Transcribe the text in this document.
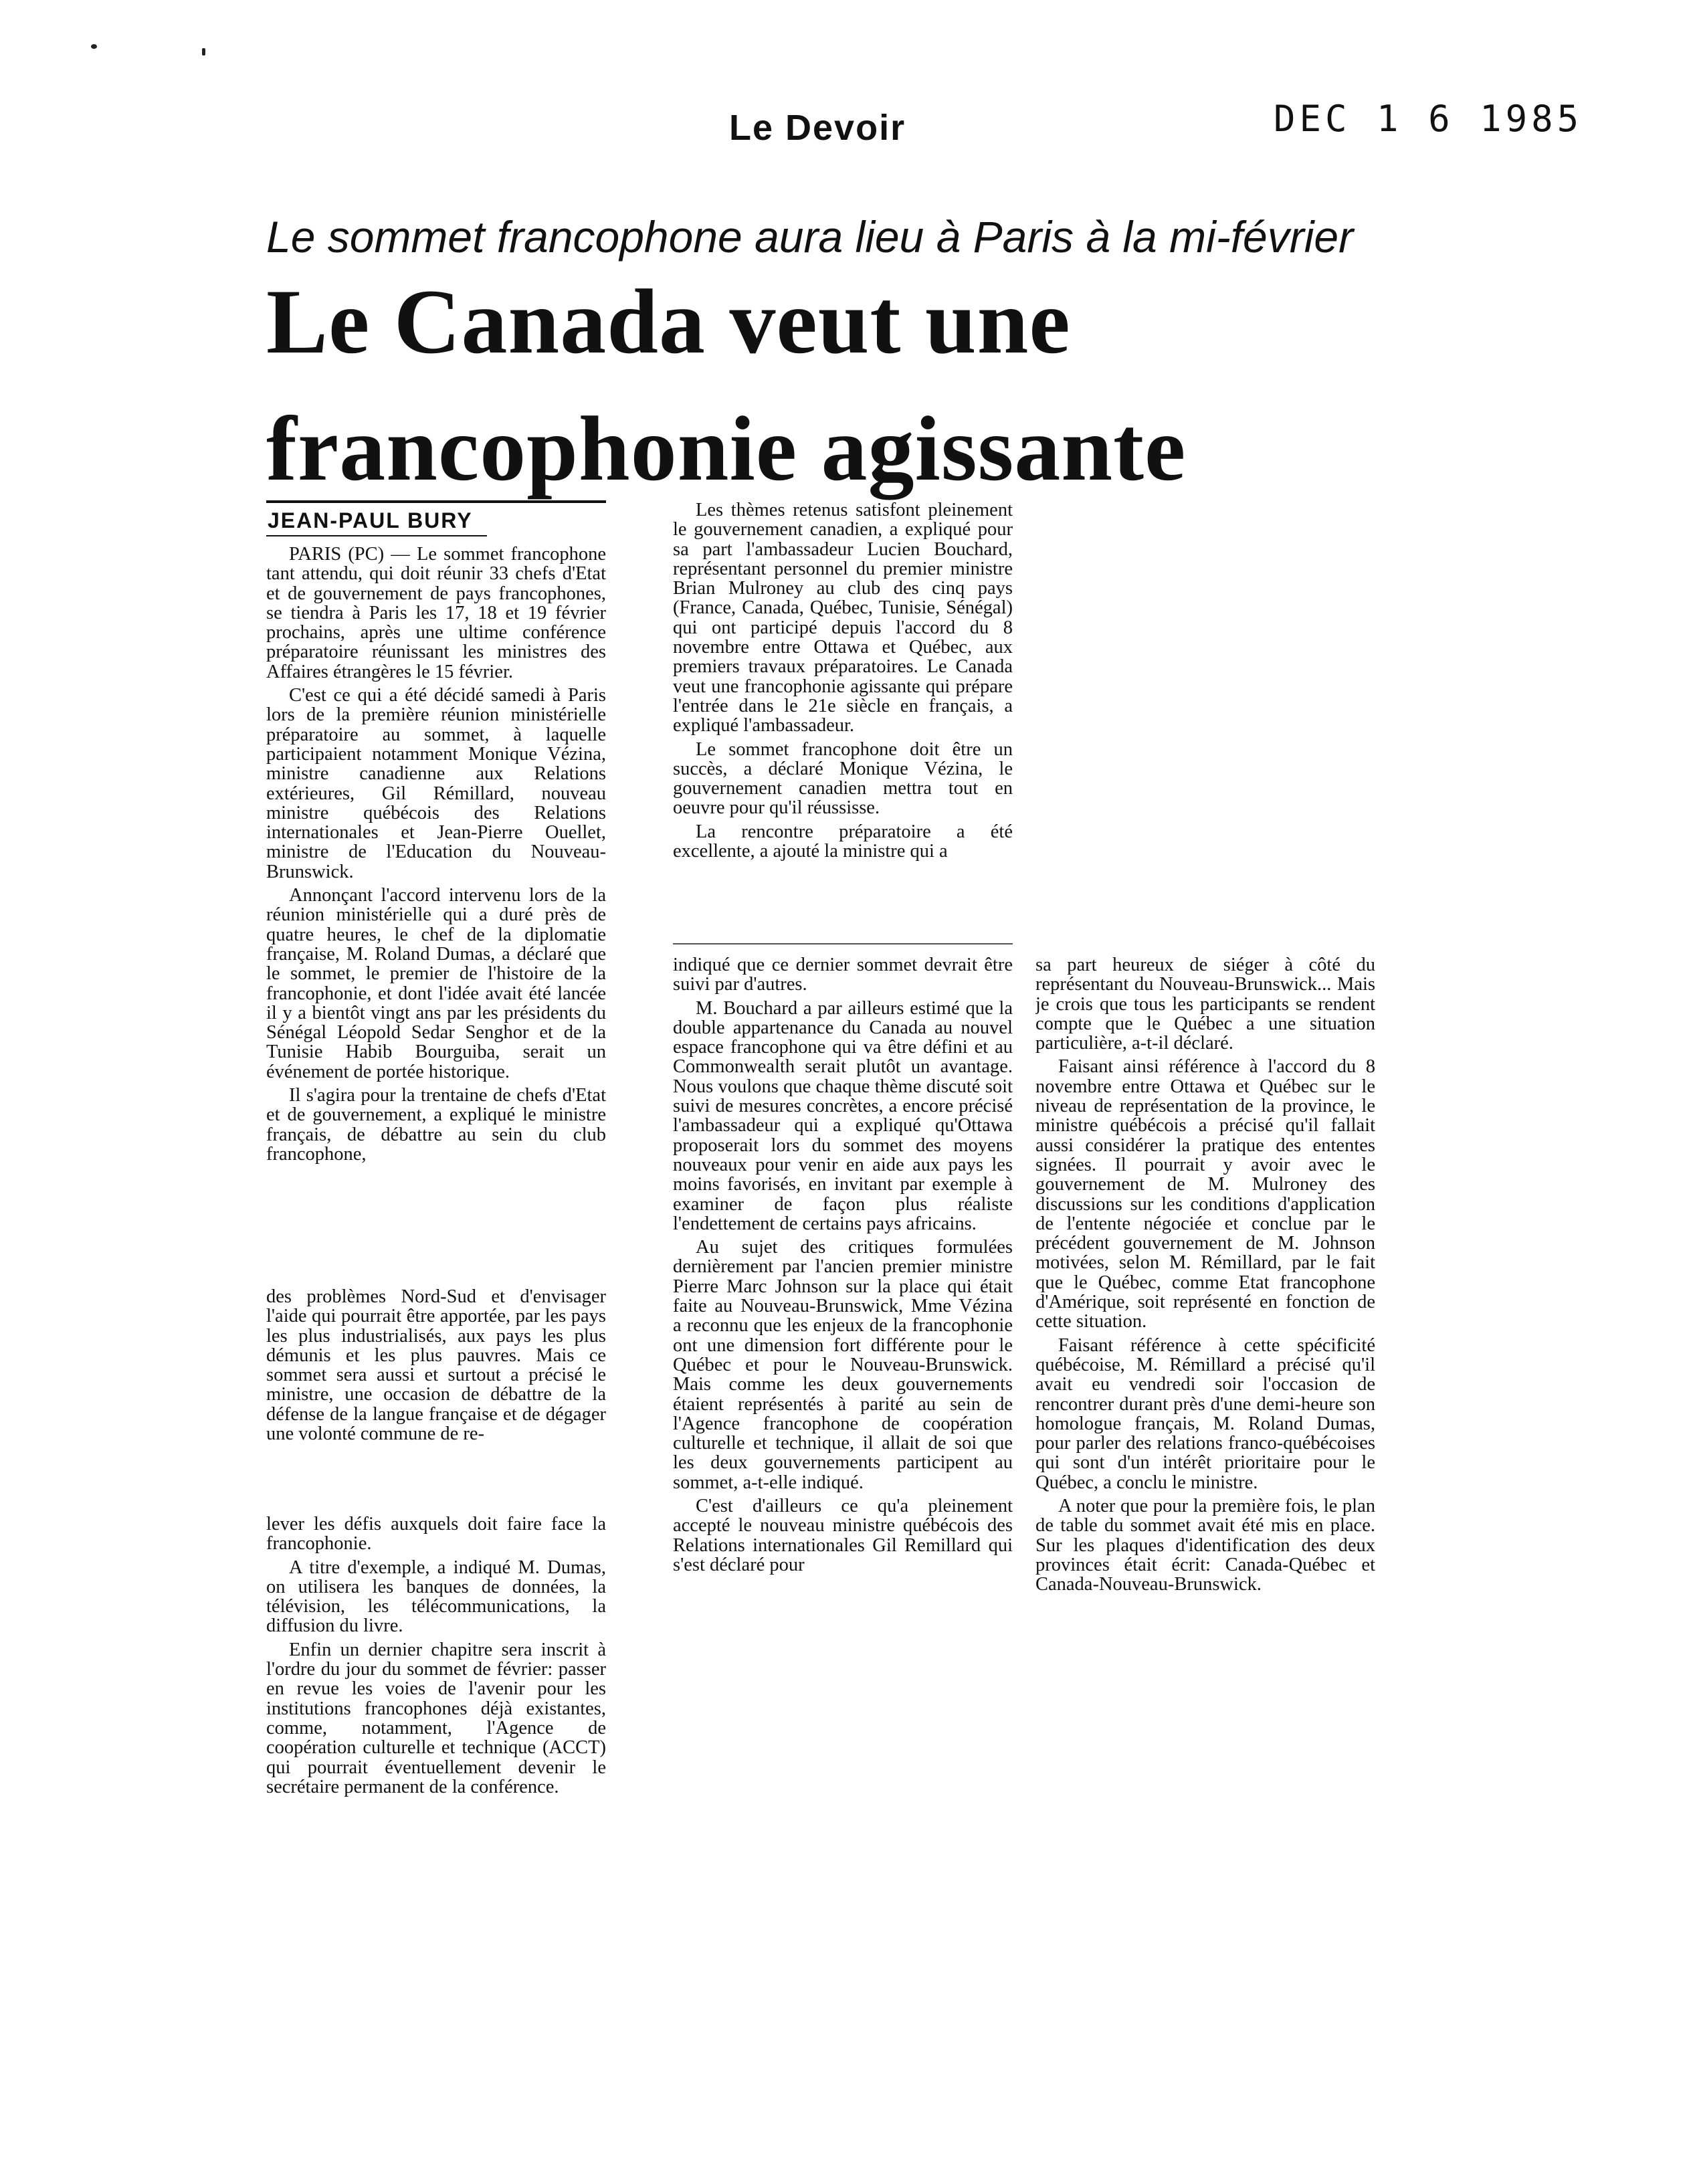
Le Devoir	DEC 1 6 1985
Le sommet francophone aura lieu à Paris à la mi-février
Le Canada veut une
francophonie agissante
JEAN-PAUL BURY

PARIS (PC) — Le sommet francophone tant attendu, qui doit réunir 33 chefs d'Etat et de gouvernement de pays francophones, se tiendra à Paris les 17, 18 et 19 février prochains, après une ultime conférence préparatoire réunissant les ministres des Affaires étrangères le 15 février.

C'est ce qui a été décidé samedi à Paris lors de la première réunion ministérielle préparatoire au sommet, à laquelle participaient notamment Monique Vézina, ministre canadienne aux Relations extérieures, Gil Rémillard, nouveau ministre québécois des Relations internationales et Jean-Pierre Ouellet, ministre de l'Education du Nouveau-Brunswick.

Annonçant l'accord intervenu lors de la réunion ministérielle qui a duré près de quatre heures, le chef de la diplomatie française, M. Roland Dumas, a déclaré que le sommet, le premier de l'histoire de la francophonie, et dont l'idée avait été lancée il y a bientôt vingt ans par les présidents du Sénégal Léopold Sedar Senghor et de la Tunisie Habib Bourguiba, serait un événement de portée historique.

Il s'agira pour la trentaine de chefs d'Etat et de gouvernement, a expliqué le ministre français, de débattre au sein du club francophone,

des problèmes Nord-Sud et d'envisager l'aide qui pourrait être apportée, par les pays les plus industrialisés, aux pays les plus démunis et les plus pauvres. Mais ce sommet sera aussi et surtout a précisé le ministre, une occasion de débattre de la défense de la langue française et de dégager une volonté commune de re-

lever les défis auxquels doit faire face la francophonie.

A titre d'exemple, a indiqué M. Dumas, on utilisera les banques de données, la télévision, les télécommunications, la diffusion du livre.

Enfin un dernier chapitre sera inscrit à l'ordre du jour du sommet de février: passer en revue les voies de l'avenir pour les institutions francophones déjà existantes, comme, notamment, l'Agence de coopération culturelle et technique (ACCT) qui pourrait éventuellement devenir le secrétaire permanent de la conférence.

Les thèmes retenus satisfont pleinement le gouvernement canadien, a expliqué pour sa part l'ambassadeur Lucien Bouchard, représentant personnel du premier ministre Brian Mulroney au club des cinq pays (France, Canada, Québec, Tunisie, Sénégal) qui ont participé depuis l'accord du 8 novembre entre Ottawa et Québec, aux premiers travaux préparatoires. Le Canada veut une francophonie agissante qui prépare l'entrée dans le 21e siècle en français, a expliqué l'ambassadeur.

Le sommet francophone doit être un succès, a déclaré Monique Vézina, le gouvernement canadien mettra tout en oeuvre pour qu'il réussisse.

La rencontre préparatoire a été excellente, a ajouté la ministre qui a

indiqué que ce dernier sommet devrait être suivi par d'autres.

M. Bouchard a par ailleurs estimé que la double appartenance du Canada au nouvel espace francophone qui va être défini et au Commonwealth serait plutôt un avantage. Nous voulons que chaque thème discuté soit suivi de mesures concrètes, a encore précisé l'ambassadeur qui a expliqué qu'Ottawa proposerait lors du sommet des moyens nouveaux pour venir en aide aux pays les moins favorisés, en invitant par exemple à examiner de façon plus réaliste l'endettement de certains pays africains.

Au sujet des critiques formulées dernièrement par l'ancien premier ministre Pierre Marc Johnson sur la place qui était faite au Nouveau-Brunswick, Mme Vézina a reconnu que les enjeux de la francophonie ont une dimension fort différente pour le Québec et pour le Nouveau-Brunswick. Mais comme les deux gouvernements étaient représentés à parité au sein de l'Agence francophone de coopération culturelle et technique, il allait de soi que les deux gouvernements participent au sommet, a-t-elle indiqué.

C'est d'ailleurs ce qu'a pleinement accepté le nouveau ministre québécois des Relations internationales Gil Remillard qui s'est déclaré pour

sa part heureux de siéger à côté du représentant du Nouveau-Brunswick... Mais je crois que tous les participants se rendent compte que le Québec a une situation particulière, a-t-il déclaré.

Faisant ainsi référence à l'accord du 8 novembre entre Ottawa et Québec sur le niveau de représentation de la province, le ministre québécois a précisé qu'il fallait aussi considérer la pratique des ententes signées. Il pourrait y avoir avec le gouvernement de M. Mulroney des discussions sur les conditions d'application de l'entente négociée et conclue par le précédent gouvernement de M. Johnson motivées, selon M. Rémillard, par le fait que le Québec, comme Etat francophone d'Amérique, soit représenté en fonction de cette situation.

Faisant référence à cette spécificité québécoise, M. Rémillard a précisé qu'il avait eu vendredi soir l'occasion de rencontrer durant près d'une demi-heure son homologue français, M. Roland Dumas, pour parler des relations franco-québécoises qui sont d'un intérêt prioritaire pour le Québec, a conclu le ministre.

A noter que pour la première fois, le plan de table du sommet avait été mis en place. Sur les plaques d'identification des deux provinces était écrit: Canada-Québec et Canada-Nouveau-Brunswick.
